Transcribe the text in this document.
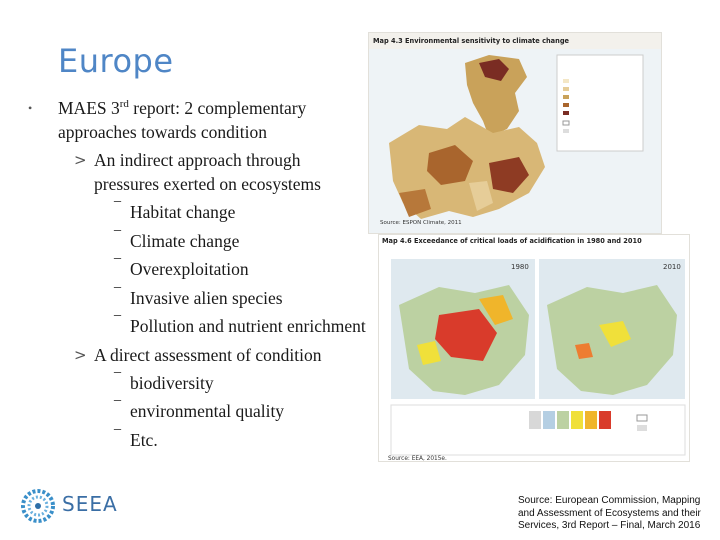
Europe
• MAES 3rd report: 2 complementary approaches towards condition
> An indirect approach through pressures exerted on ecosystems
‾ Habitat change
‾ Climate change
‾ Overexploitation
‾ Invasive alien species
‾ Pollution and nutrient enrichment
> A direct assessment of condition
‾ biodiversity
‾ environmental quality
‾ Etc.
Map 4.3 Environmental sensitivity to climate change
Source: ESPON Climate, 2011
Map 4.6 Exceedance of critical loads of acidification in 1980 and 2010
1980	2010
Source: EEA, 2015e.
Source: European Commission, Mapping and Assessment of Ecosystems and their Services, 3rd Report – Final, March 2016
SEEA
